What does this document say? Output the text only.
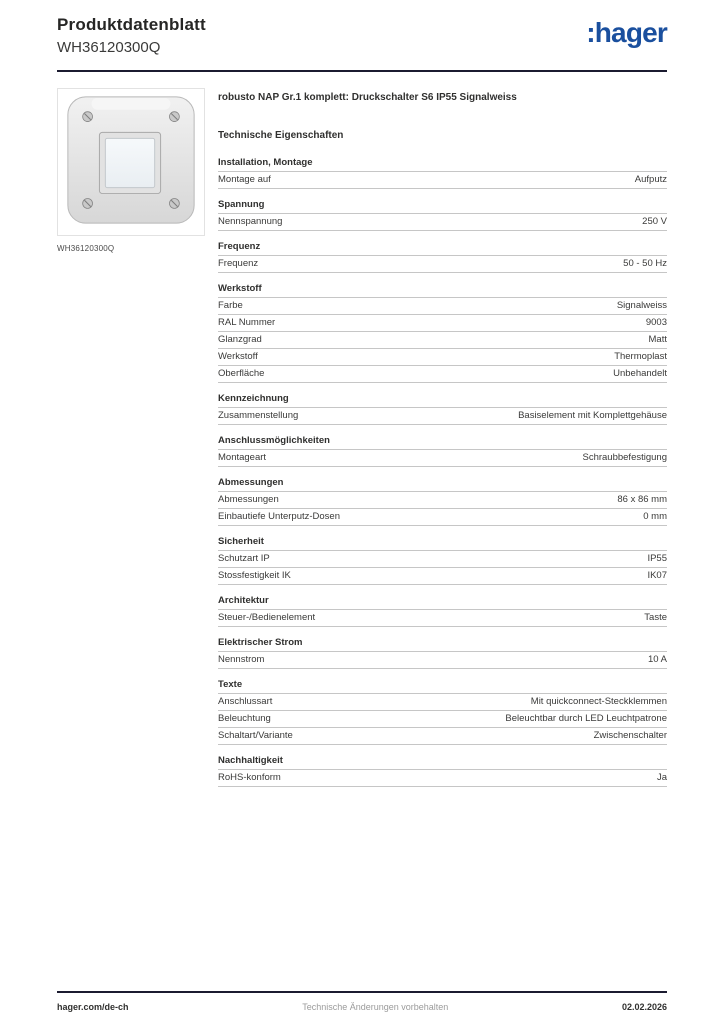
Produktdatenblatt
WH36120300Q	:hager
WH36120300Q
robusto NAP Gr.1 komplett: Druckschalter S6 IP55 Signalweiss
Technische Eigenschaften
Installation, Montage
Montage auf	Aufputz
Spannung
Nennspannung	250 V
Frequenz
Frequenz	50 - 50 Hz
Werkstoff
Farbe	Signalweiss
RAL Nummer	9003
Glanzgrad	Matt
Werkstoff	Thermoplast
Oberfläche	Unbehandelt
Kennzeichnung
Zusammenstellung	Basiselement mit Komplettgehäuse
Anschlussmöglichkeiten
Montageart	Schraubbefestigung
Abmessungen
Abmessungen	86 x 86 mm
Einbautiefe Unterputz-Dosen	0 mm
Sicherheit
Schutzart IP	IP55
Stossfestigkeit IK	IK07
Architektur
Steuer-/Bedienelement	Taste
Elektrischer Strom
Nennstrom	10 A
Texte
Anschlussart	Mit quickconnect-Steckklemmen
Beleuchtung	Beleuchtbar durch LED Leuchtpatrone
Schaltart/Variante	Zwischenschalter
Nachhaltigkeit
RoHS-konform	Ja
hager.com/de-ch	Technische Änderungen vorbehalten	02.02.2026
